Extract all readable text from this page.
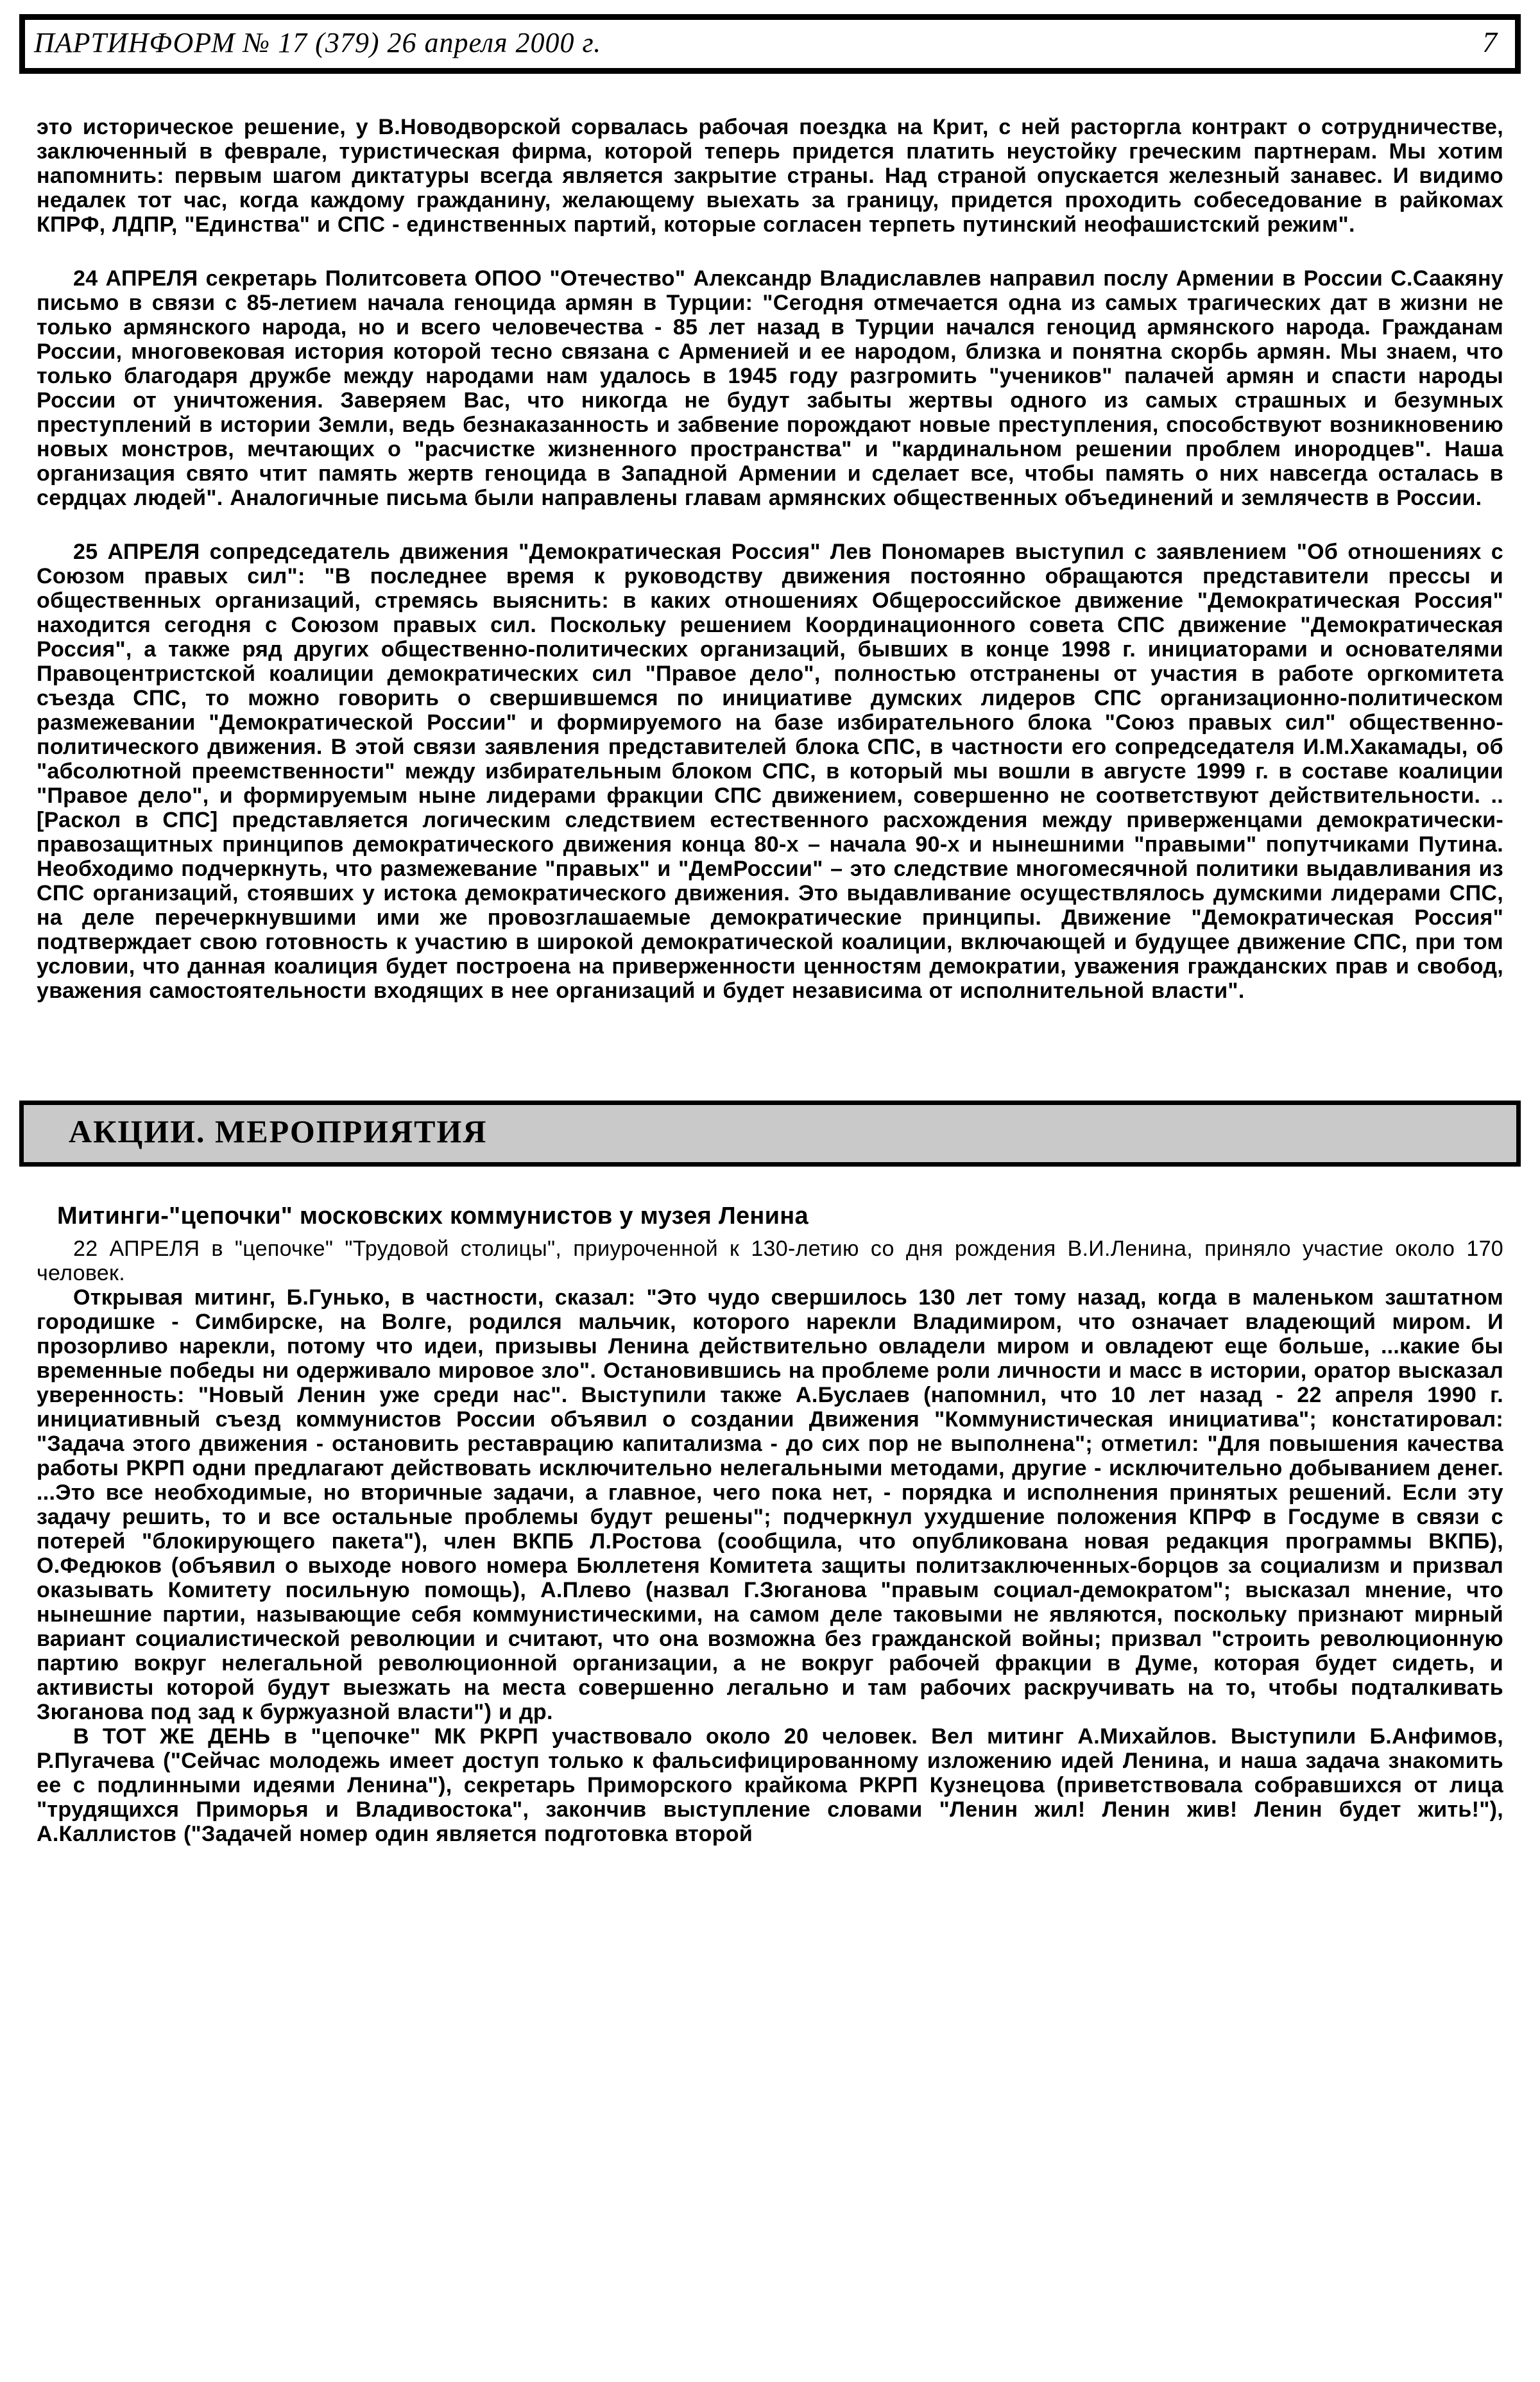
ПАРТИНФОРМ № 17 (379) 26 апреля 2000 г.	7

это историческое решение, у В.Новодворской сорвалась рабочая поездка на Крит, с ней расторгла контракт о сотрудничестве, заключенный в феврале, туристическая фирма, которой теперь придется платить неустойку греческим партнерам. Мы хотим напомнить: первым шагом диктатуры всегда является закрытие страны. Над страной опускается железный занавес. И видимо недалек тот час, когда каждому гражданину, желающему выехать за границу, придется проходить собеседование в райкомах КПРФ, ЛДПР, "Единства" и СПС - единственных партий, которые согласен терпеть путинский неофашистский режим".

24 АПРЕЛЯ секретарь Политсовета ОПОО "Отечество" Александр Владиславлев направил послу Армении в России С.Саакяну письмо в связи с 85-летием начала геноцида армян в Турции: "Сегодня отмечается одна из самых трагических дат в жизни не только армянского народа, но и всего человечества - 85 лет назад в Турции начался геноцид армянского народа. Гражданам России, многовековая история которой тесно связана с Арменией и ее народом, близка и понятна скорбь армян. Мы знаем, что только благодаря дружбе между народами нам удалось в 1945 году разгромить "учеников" палачей армян и спасти народы России от уничтожения. Заверяем Вас, что никогда не будут забыты жертвы одного из самых страшных и безумных преступлений в истории Земли, ведь безнаказанность и забвение порождают новые преступления, способствуют возникновению новых монстров, мечтающих о "расчистке жизненного пространства" и "кардинальном решении проблем инородцев". Наша организация свято чтит память жертв геноцида в Западной Армении и сделает все, чтобы память о них навсегда осталась в сердцах людей". Аналогичные письма были направлены главам армянских общественных объединений и землячеств в России.

25 АПРЕЛЯ сопредседатель движения "Демократическая Россия" Лев Пономарев выступил с заявлением "Об отношениях с Союзом правых сил": "В последнее время к руководству движения постоянно обращаются представители прессы и общественных организаций, стремясь выяснить: в каких отношениях Общероссийское движение "Демократическая Россия" находится сегодня с Союзом правых сил. Поскольку решением Координационного совета СПС движение "Демократическая Россия", а также ряд других общественно-политических организаций, бывших в конце 1998 г. инициаторами и основателями Правоцентристской коалиции демократических сил "Правое дело", полностью отстранены от участия в работе оргкомитета съезда СПС, то можно говорить о свершившемся по инициативе думских лидеров СПС организационно-политическом размежевании "Демократической России" и формируемого на базе избирательного блока "Союз правых сил" общественно-политического движения. В этой связи заявления представителей блока СПС, в частности его сопредседателя И.М.Хакамады, об "абсолютной преемственности" между избирательным блоком СПС, в который мы вошли в августе 1999 г. в составе коалиции "Правое дело", и формируемым ныне лидерами фракции СПС движением, совершенно не соответствуют действительности. ..[Раскол в СПС] представляется логическим следствием естественного расхождения между приверженцами демократически-правозащитных принципов демократического движения конца 80-х – начала 90-х и нынешними "правыми" попутчиками Путина. Необходимо подчеркнуть, что размежевание "правых" и "ДемРоссии" – это следствие многомесячной политики выдавливания из СПС организаций, стоявших у истока демократического движения. Это выдавливание осуществлялось думскими лидерами СПС, на деле перечеркнувшими ими же провозглашаемые демократические принципы. Движение "Демократическая Россия" подтверждает свою готовность к участию в широкой демократической коалиции, включающей и будущее движение СПС, при том условии, что данная коалиция будет построена на приверженности ценностям демократии, уважения гражданских прав и свобод, уважения самостоятельности входящих в нее организаций и будет независима от исполнительной власти".

АКЦИИ. МЕРОПРИЯТИЯ
Митинги-"цепочки" московских коммунистов у музея Ленина

22 АПРЕЛЯ в "цепочке" "Трудовой столицы", приуроченной к 130-летию со дня рождения В.И.Ленина, приняло участие около 170 человек.

Открывая митинг, Б.Гунько, в частности, сказал: "Это чудо свершилось 130 лет тому назад, когда в маленьком заштатном городишке - Симбирске, на Волге, родился мальчик, которого нарекли Владимиром, что означает владеющий миром. И прозорливо нарекли, потому что идеи, призывы Ленина действительно овладели миром и овладеют еще больше, ...какие бы временные победы ни одерживало мировое зло". Остановившись на проблеме роли личности и масс в истории, оратор высказал уверенность: "Новый Ленин уже среди нас". Выступили также А.Буслаев (напомнил, что 10 лет назад - 22 апреля 1990 г. инициативный съезд коммунистов России объявил о создании Движения "Коммунистическая инициатива"; констатировал: "Задача этого движения - остановить реставрацию капитализма - до сих пор не выполнена"; отметил: "Для повышения качества работы РКРП одни предлагают действовать исключительно нелегальными методами, другие - исключительно добыванием денег. ...Это все необходимые, но вторичные задачи, а главное, чего пока нет, - порядка и исполнения принятых решений. Если эту задачу решить, то и все остальные проблемы будут решены"; подчеркнул ухудшение положения КПРФ в Госдуме в связи с потерей "блокирующего пакета"), член ВКПБ Л.Ростова (сообщила, что опубликована новая редакция программы ВКПБ), О.Федюков (объявил о выходе нового номера Бюллетеня Комитета защиты политзаключенных-борцов за социализм и призвал оказывать Комитету посильную помощь), А.Плево (назвал Г.Зюганова "правым социал-демократом"; высказал мнение, что нынешние партии, называющие себя коммунистическими, на самом деле таковыми не являются, поскольку признают мирный вариант социалистической революции и считают, что она возможна без гражданской войны; призвал "строить революционную партию вокруг нелегальной революционной организации, а не вокруг рабочей фракции в Думе, которая будет сидеть, и активисты которой будут выезжать на места совершенно легально и там рабочих раскручивать на то, чтобы подталкивать Зюганова под зад к буржуазной власти") и др.

В ТОТ ЖЕ ДЕНЬ в "цепочке" МК РКРП участвовало около 20 человек. Вел митинг А.Михайлов. Выступили Б.Анфимов, Р.Пугачева ("Сейчас молодежь имеет доступ только к фальсифицированному изложению идей Ленина, и наша задача знакомить ее с подлинными идеями Ленина"), секретарь Приморского крайкома РКРП Кузнецова (приветствовала собравшихся от лица "трудящихся Приморья и Владивостока", закончив выступление словами "Ленин жил! Ленин жив! Ленин будет жить!"), А.Каллистов ("Задачей номер один является подготовка второй
